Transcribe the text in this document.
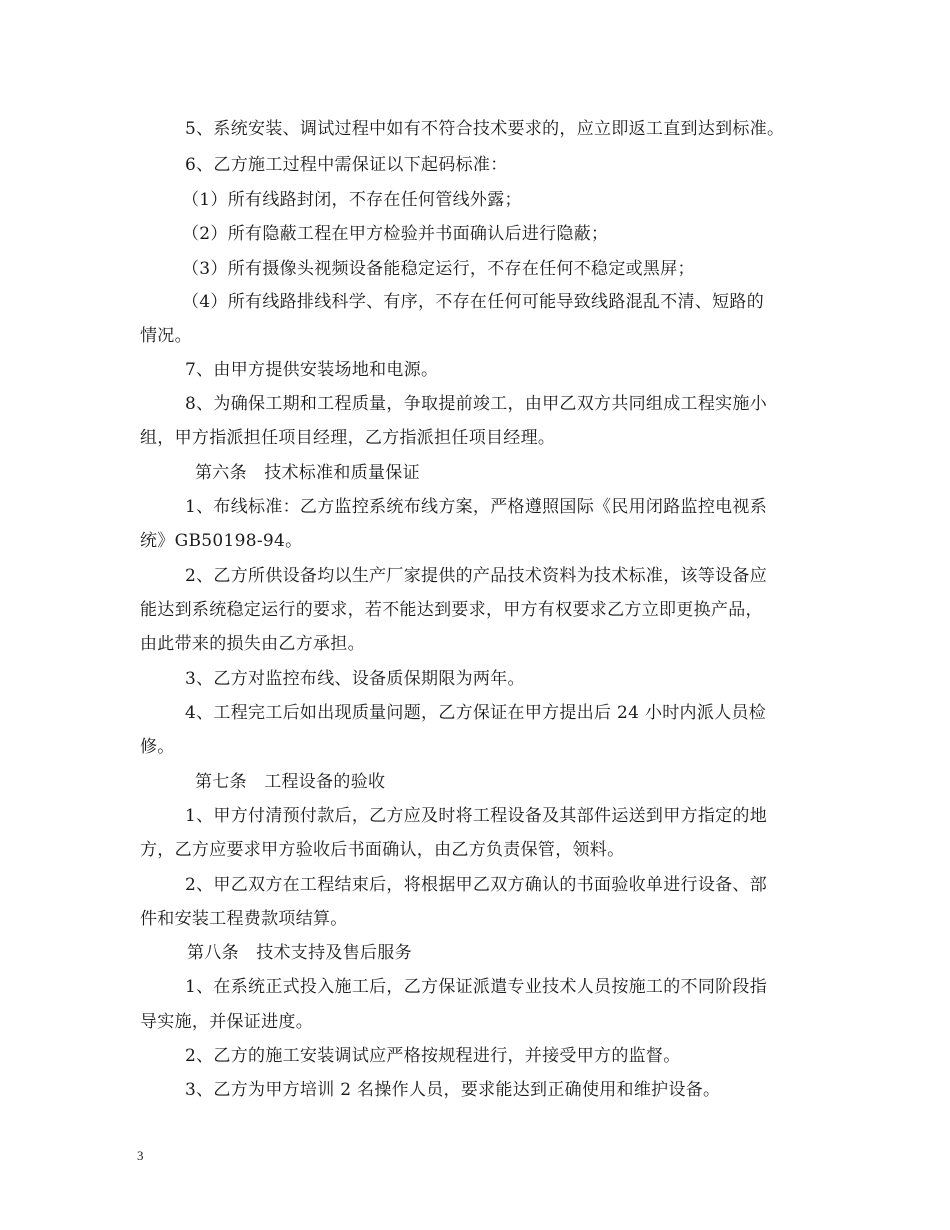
5、系统安装、调试过程中如有不符合技术要求的，应立即返工直到达到标准。
6、乙方施工过程中需保证以下起码标准：
（1）所有线路封闭，不存在任何管线外露；
（2）所有隐蔽工程在甲方检验并书面确认后进行隐蔽；
（3）所有摄像头视频设备能稳定运行，不存在任何不稳定或黑屏；
（4）所有线路排线科学、有序，不存在任何可能导致线路混乱不清、短路的
情况。
7、由甲方提供安装场地和电源。
8、为确保工期和工程质量，争取提前竣工，由甲乙双方共同组成工程实施小
组，甲方指派担任项目经理，乙方指派担任项目经理。
第六条　技术标准和质量保证
1、布线标准：乙方监控系统布线方案，严格遵照国际《民用闭路监控电视系
统》GB50198-94。
2、乙方所供设备均以生产厂家提供的产品技术资料为技术标准，该等设备应
能达到系统稳定运行的要求，若不能达到要求，甲方有权要求乙方立即更换产品，
由此带来的损失由乙方承担。
3、乙方对监控布线、设备质保期限为两年。
4、工程完工后如出现质量问题，乙方保证在甲方提出后 24 小时内派人员检
修。
第七条　工程设备的验收
1、甲方付清预付款后，乙方应及时将工程设备及其部件运送到甲方指定的地
方，乙方应要求甲方验收后书面确认，由乙方负责保管，领料。
2、甲乙双方在工程结束后，将根据甲乙双方确认的书面验收单进行设备、部
件和安装工程费款项结算。
第八条　技术支持及售后服务
1、在系统正式投入施工后，乙方保证派遣专业技术人员按施工的不同阶段指
导实施，并保证进度。
2、乙方的施工安装调试应严格按规程进行，并接受甲方的监督。
3、乙方为甲方培训 2 名操作人员，要求能达到正确使用和维护设备。
3
